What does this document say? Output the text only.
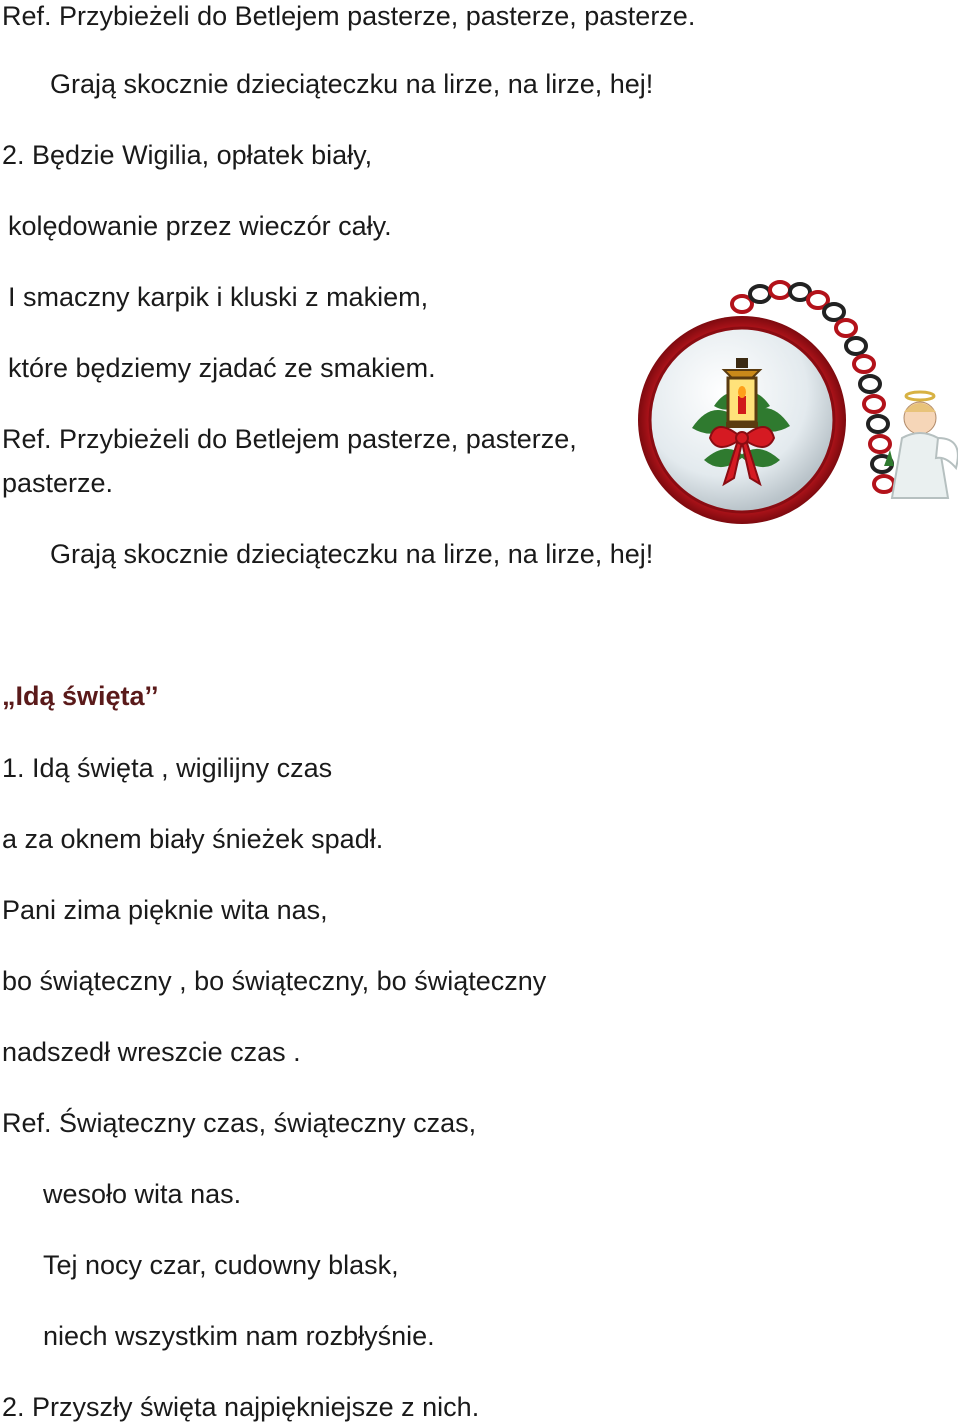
Ref. Przybieżeli do Betlejem pasterze, pasterze, pasterze.

Grają skocznie dzieciąteczku na lirze, na lirze, hej!

2. Będzie Wigilia, opłatek biały,

kolędowanie przez wieczór cały.

I smaczny karpik i kluski z makiem,

które będziemy zjadać ze smakiem.

Ref. Przybieżeli do Betlejem pasterze, pasterze,

pasterze.

Grają skocznie dzieciąteczku na lirze, na lirze, hej!

„Idą święta’’

1. Idą święta , wigilijny czas

a za oknem biały śnieżek spadł.

Pani zima pięknie wita nas,

bo świąteczny , bo świąteczny, bo świąteczny

nadszedł wreszcie czas .

Ref. Świąteczny czas, świąteczny czas,

wesoło wita nas.

Tej nocy czar, cudowny blask,

niech wszystkim nam rozbłyśnie.

2. Przyszły święta najpiękniejsze z nich.
